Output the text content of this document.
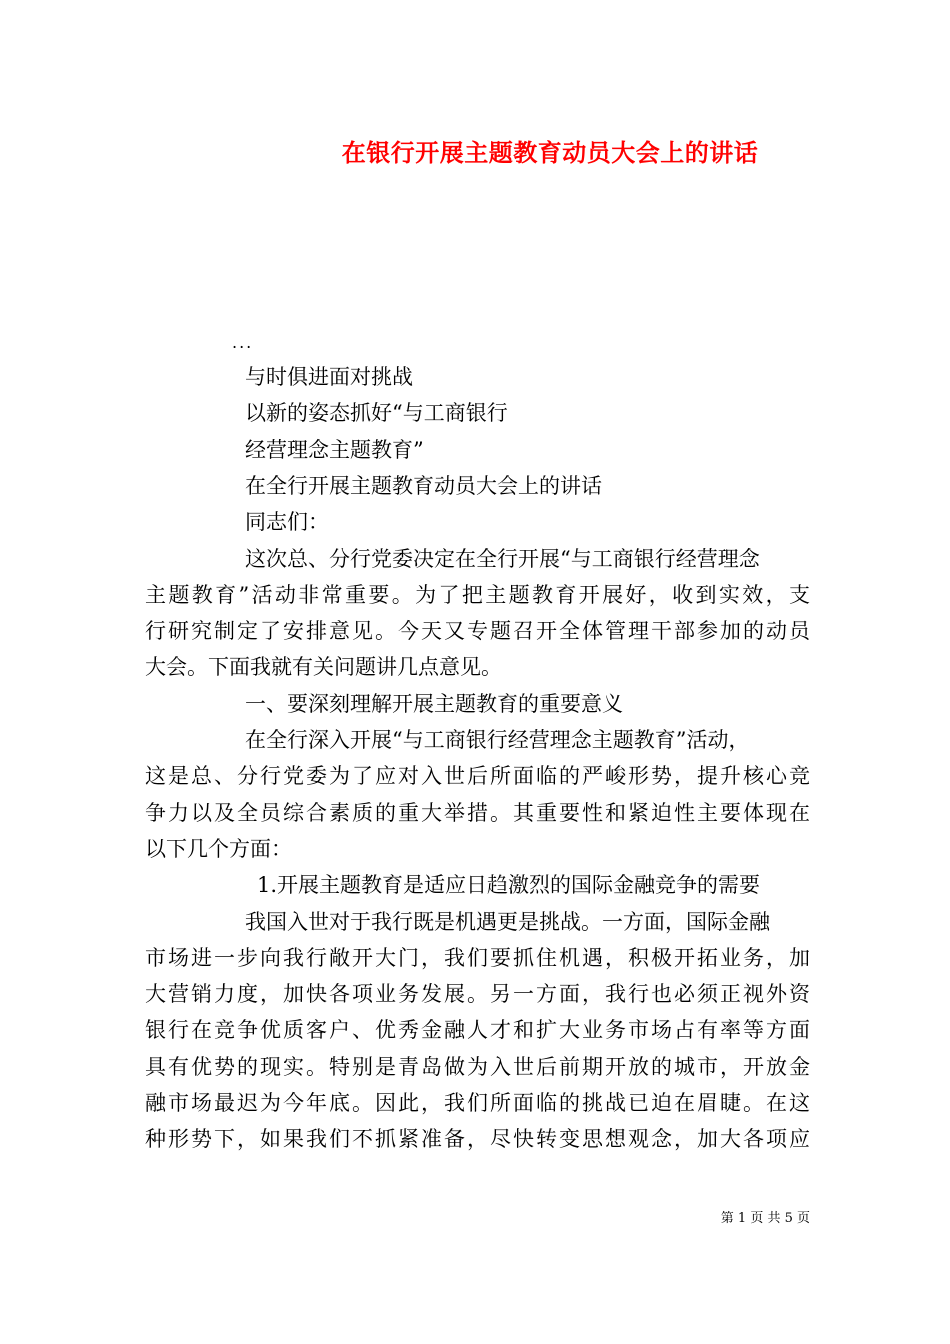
在银行开展主题教育动员大会上的讲话
...
与时俱进面对挑战
以新的姿态抓好“与工商银行
经营理念主题教育”
在全行开展主题教育动员大会上的讲话
同志们：
这次总、分行党委决定在全行开展“与工商银行经营理念
主题教育”活动非常重要。为了把主题教育开展好，收到实效，支
行研究制定了安排意见。今天又专题召开全体管理干部参加的动员
大会。下面我就有关问题讲几点意见。
一、要深刻理解开展主题教育的重要意义
在全行深入开展“与工商银行经营理念主题教育”活动，
这是总、分行党委为了应对入世后所面临的严峻形势，提升核心竞
争力以及全员综合素质的重大举措。其重要性和紧迫性主要体现在
以下几个方面：
1.开展主题教育是适应日趋激烈的国际金融竞争的需要
我国入世对于我行既是机遇更是挑战。一方面，国际金融
市场进一步向我行敞开大门，我们要抓住机遇，积极开拓业务，加
大营销力度，加快各项业务发展。另一方面，我行也必须正视外资
银行在竞争优质客户、优秀金融人才和扩大业务市场占有率等方面
具有优势的现实。特别是青岛做为入世后前期开放的城市，开放金
融市场最迟为今年底。因此，我们所面临的挑战已迫在眉睫。在这
种形势下，如果我们不抓紧准备，尽快转变思想观念，加大各项应
第 1 页 共 5 页
